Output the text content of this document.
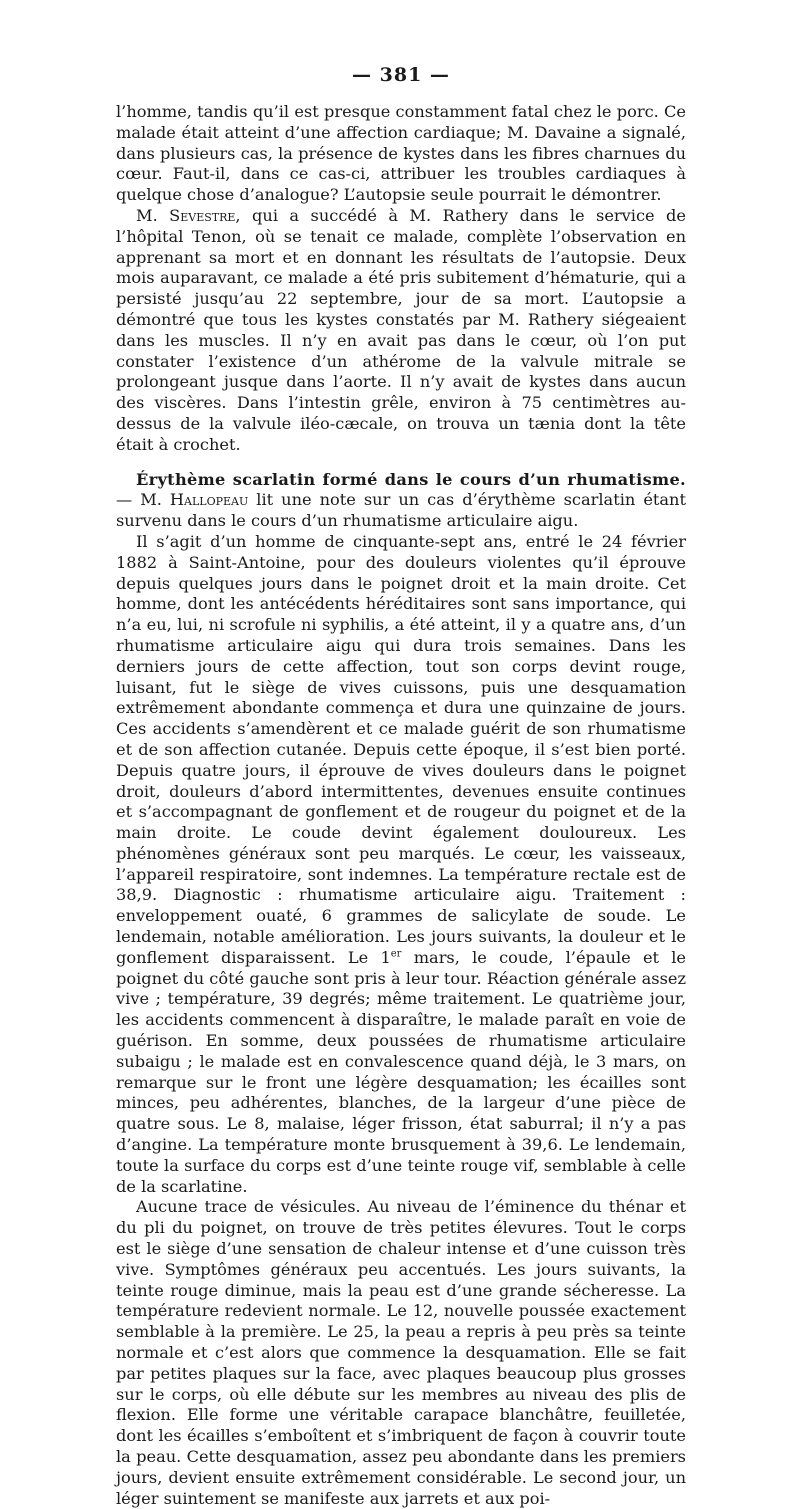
— 381 —

l’homme, tandis qu’il est presque constamment fatal chez le porc. Ce malade était atteint d’une affection cardiaque; M. Davaine a signalé, dans plusieurs cas, la présence de kystes dans les fibres charnues du cœur. Faut-il, dans ce cas-ci, attribuer les troubles cardiaques à quelque chose d’analogue? L’autopsie seule pourrait le démontrer.

M. Sevestre, qui a succédé à M. Rathery dans le service de l’hôpital Tenon, où se tenait ce malade, complète l’observation en apprenant sa mort et en donnant les résultats de l’autopsie. Deux mois auparavant, ce malade a été pris subitement d’hématurie, qui a persisté jusqu’au 22 septembre, jour de sa mort. L’autopsie a démontré que tous les kystes constatés par M. Rathery siégeaient dans les muscles. Il n’y en avait pas dans le cœur, où l’on put constater l’existence d’un athérome de la valvule mitrale se prolongeant jusque dans l’aorte. Il n’y avait de kystes dans aucun des viscères. Dans l’intestin grêle, environ à 75 centimètres au-dessus de la valvule iléo-cæcale, on trouva un tænia dont la tête était à crochet.

Érythème scarlatin formé dans le cours d’un rhumatisme. — M. Hallopeau lit une note sur un cas d’érythème scarlatin étant survenu dans le cours d’un rhumatisme articulaire aigu.

Il s’agit d’un homme de cinquante-sept ans, entré le 24 février 1882 à Saint-Antoine, pour des douleurs violentes qu’il éprouve depuis quelques jours dans le poignet droit et la main droite. Cet homme, dont les antécédents héréditaires sont sans importance, qui n’a eu, lui, ni scrofule ni syphilis, a été atteint, il y a quatre ans, d’un rhumatisme articulaire aigu qui dura trois semaines. Dans les derniers jours de cette affection, tout son corps devint rouge, luisant, fut le siège de vives cuissons, puis une desquamation extrêmement abondante commença et dura une quinzaine de jours. Ces accidents s’amendèrent et ce malade guérit de son rhumatisme et de son affection cutanée. Depuis cette époque, il s’est bien porté. Depuis quatre jours, il éprouve de vives douleurs dans le poignet droit, douleurs d’abord intermittentes, devenues ensuite continues et s’accompagnant de gonflement et de rougeur du poignet et de la main droite. Le coude devint également douloureux. Les phénomènes généraux sont peu marqués. Le cœur, les vaisseaux, l’appareil respiratoire, sont indemnes. La température rectale est de 38,9. Diagnostic : rhumatisme articulaire aigu. Traitement : enveloppement ouaté, 6 grammes de salicylate de soude. Le lendemain, notable amélioration. Les jours suivants, la douleur et le gonflement disparaissent. Le 1er mars, le coude, l’épaule et le poignet du côté gauche sont pris à leur tour. Réaction générale assez vive ; température, 39 degrés; même traitement. Le quatrième jour, les accidents commencent à disparaître, le malade paraît en voie de guérison. En somme, deux poussées de rhumatisme articulaire subaigu ; le malade est en convalescence quand déjà, le 3 mars, on remarque sur le front une légère desquamation; les écailles sont minces, peu adhérentes, blanches, de la largeur d’une pièce de quatre sous. Le 8, malaise, léger frisson, état saburral; il n’y a pas d’angine. La température monte brusquement à 39,6. Le lendemain, toute la surface du corps est d’une teinte rouge vif, semblable à celle de la scarlatine.

Aucune trace de vésicules. Au niveau de l’éminence du thénar et du pli du poignet, on trouve de très petites élevures. Tout le corps est le siège d’une sensation de chaleur intense et d’une cuisson très vive. Symptômes généraux peu accentués. Les jours suivants, la teinte rouge diminue, mais la peau est d’une grande sécheresse. La température redevient normale. Le 12, nouvelle poussée exactement semblable à la première. Le 25, la peau a repris à peu près sa teinte normale et c’est alors que commence la desquamation. Elle se fait par petites plaques sur la face, avec plaques beaucoup plus grosses sur le corps, où elle débute sur les membres au niveau des plis de flexion. Elle forme une véritable carapace blanchâtre, feuilletée, dont les écailles s’emboîtent et s’imbriquent de façon à couvrir toute la peau. Cette desquamation, assez peu abondante dans les premiers jours, devient ensuite extrêmement considérable. Le second jour, un léger suintement se manifeste aux jarrets et aux poi-
